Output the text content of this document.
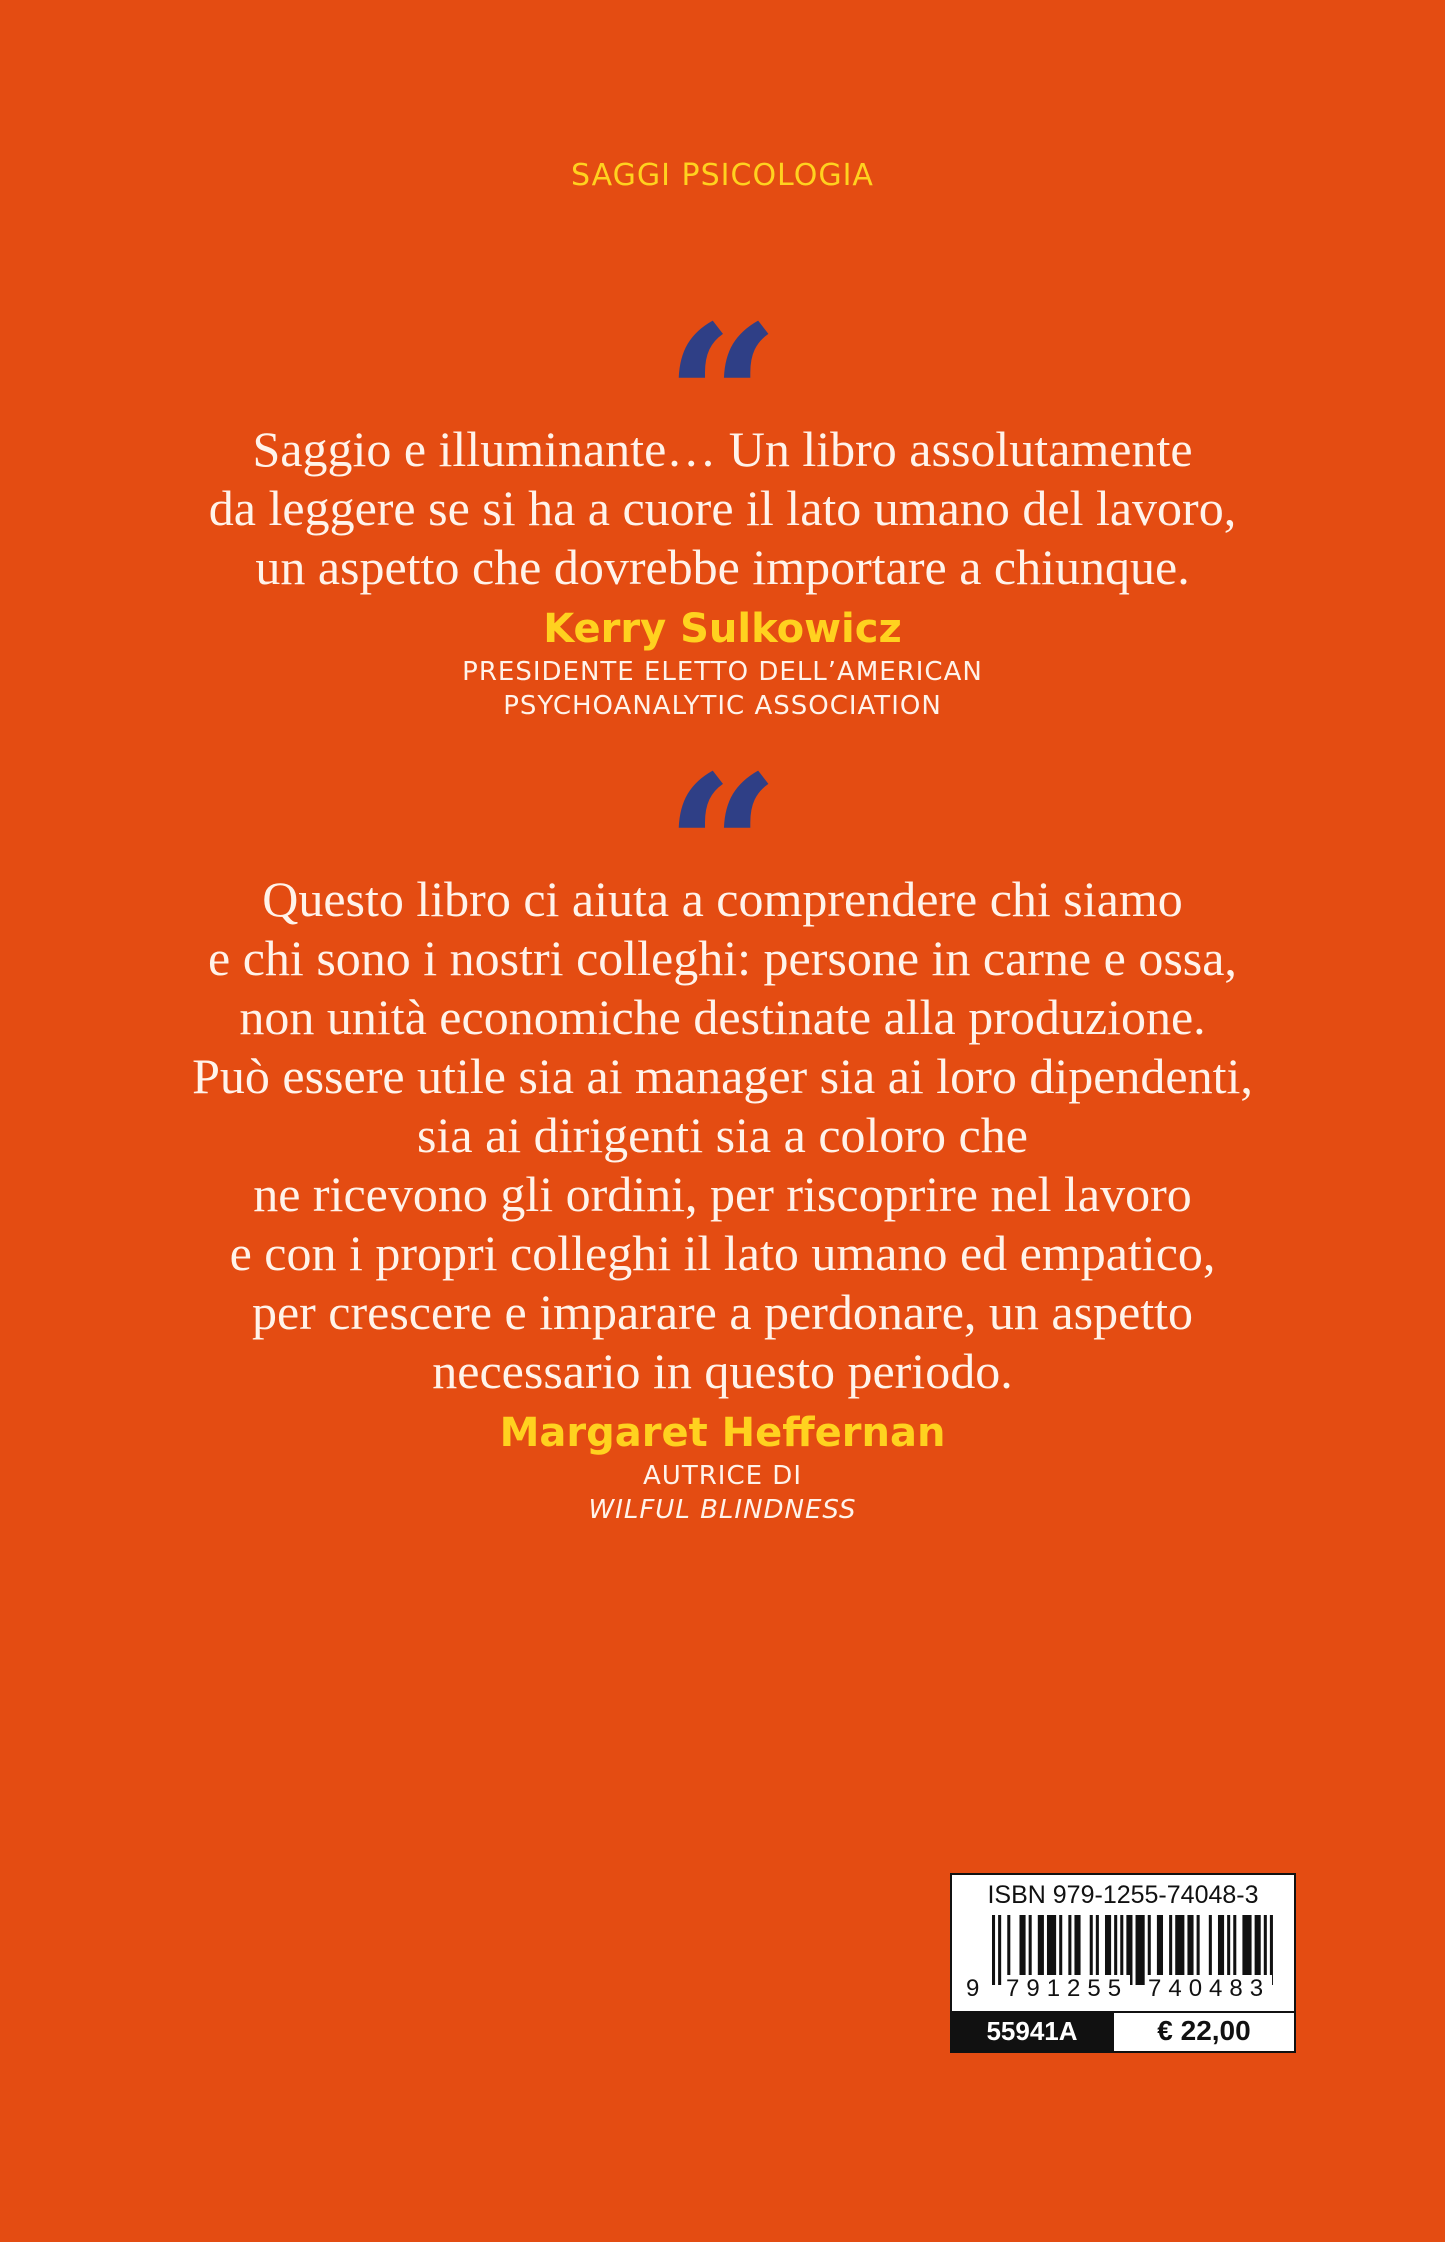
SAGGI PSICOLOGIA
“

Saggio e illuminante… Un libro assolutamente
da leggere se si ha a cuore il lato umano del lavoro,
un aspetto che dovrebbe importare a chiunque.

Kerry Sulkowicz
PRESIDENTE ELETTO DELL’AMERICAN
PSYCHOANALYTIC ASSOCIATION
“

Questo libro ci aiuta a comprendere chi siamo
e chi sono i nostri colleghi: persone in carne e ossa,
non unità economiche destinate alla produzione.
Può essere utile sia ai manager sia ai loro dipendenti,
sia ai dirigenti sia a coloro che
ne ricevono gli ordini, per riscoprire nel lavoro
e con i propri colleghi il lato umano ed empatico,
per crescere e imparare a perdonare, un aspetto
necessario in questo periodo.

Margaret Heffernan
AUTRICE DI
WILFUL BLINDNESS
ISBN 979-1255-74048-3
9 791255 740483
55941A	€ 22,00
